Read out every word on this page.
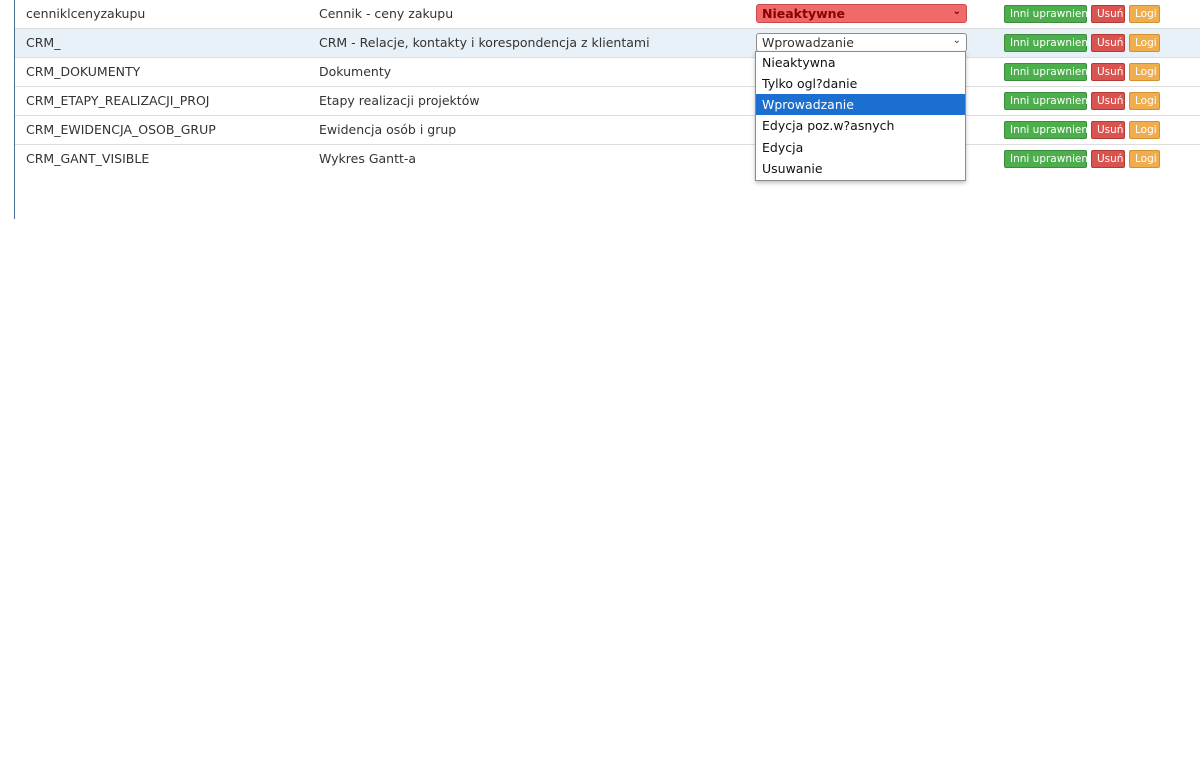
cenniklcenyzakupu	Cennik - ceny zakupu	Nieaktywne	⌄	Inni uprawnieni Usuń	Logi
CRM_	CRM - Relacje, kontakty i korespondencja z klientami	Wprowadzanie	⌄	Inni uprawnieni Usuń	Logi
CRM_DOKUMENTY	Dokumenty	Inni uprawnieni Usuń	Logi
CRM_ETAPY_REALIZACJI_PROJ	Etapy realizacji projektów	Inni uprawnieni Usuń	Logi
CRM_EWIDENCJA_OSOB_GRUP	Ewidencja osób i grup	Inni uprawnieni Usuń	Logi
CRM_GANT_VISIBLE	Wykres Gantt-a	Inni uprawnieni Usuń	Logi
Nieaktywna
Tylko ogl?danie
Wprowadzanie
Edycja poz.w?asnych
Edycja
Usuwanie
